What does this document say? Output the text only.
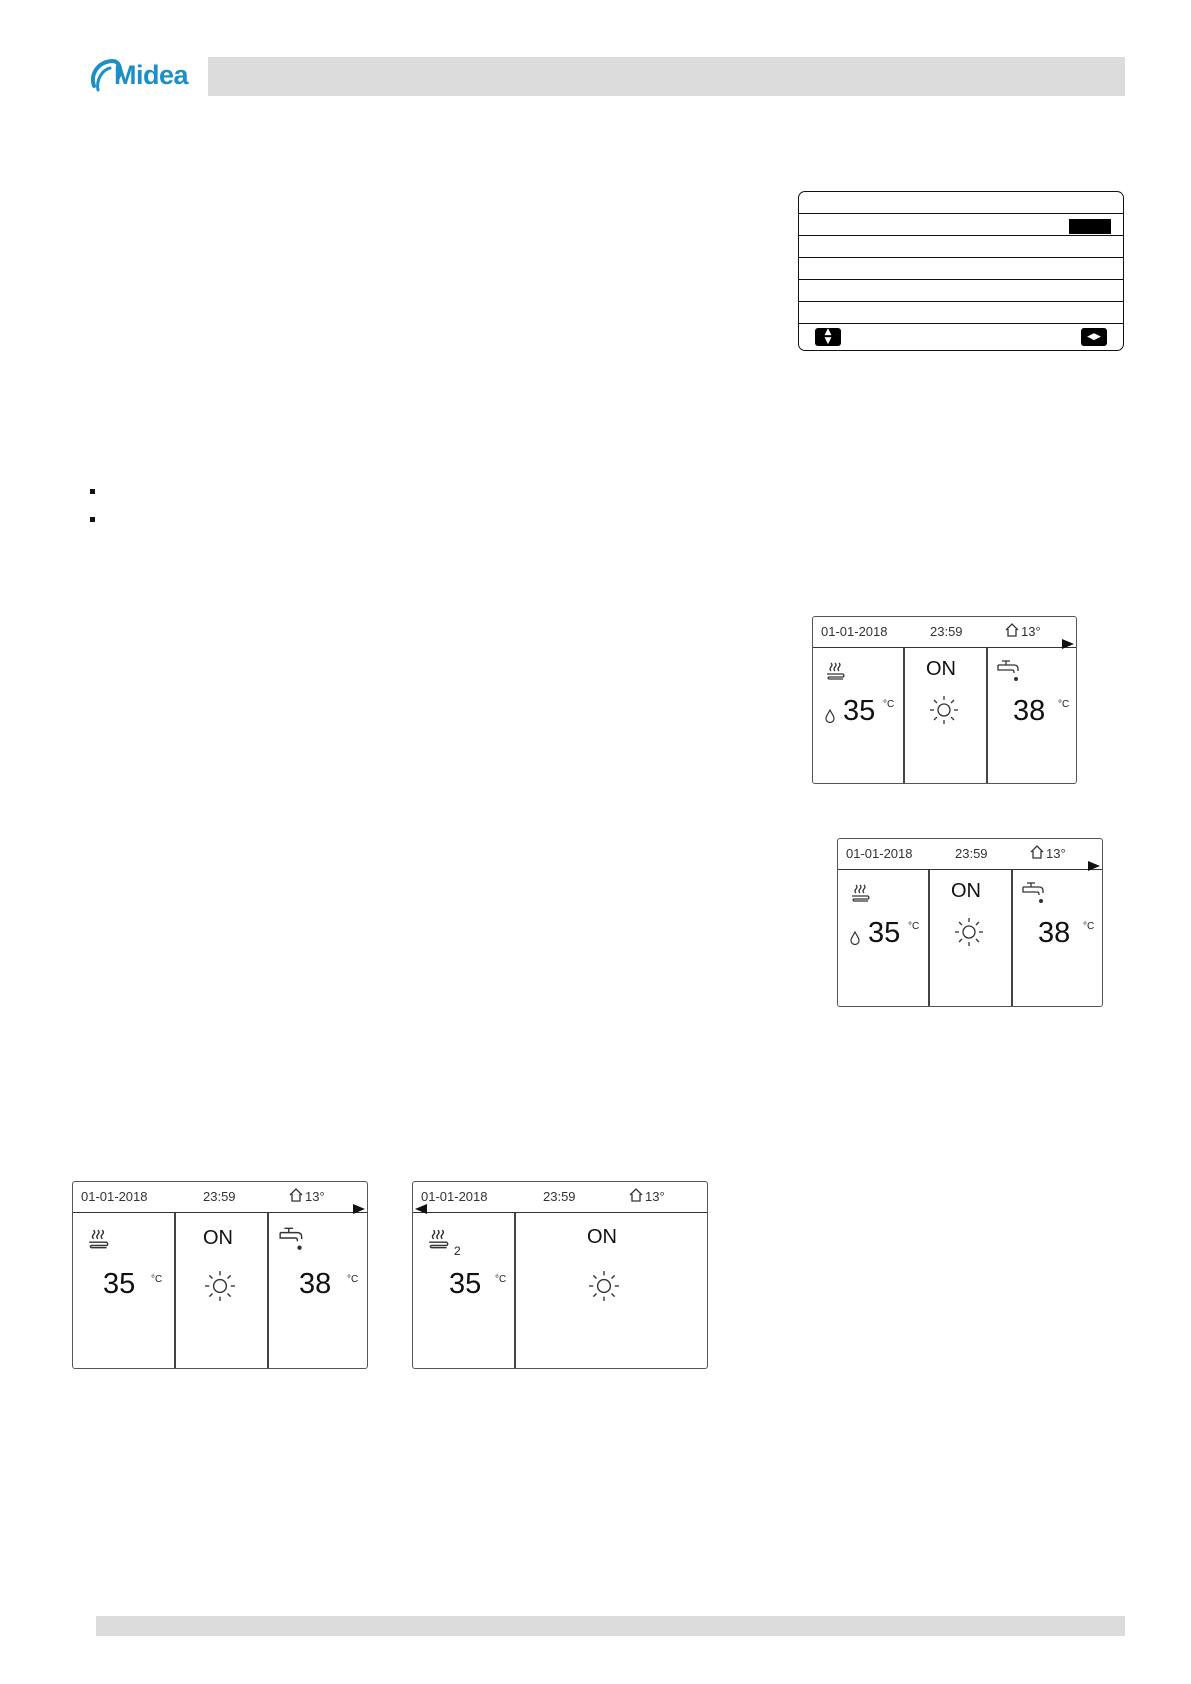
Midea
▲
▼	◀▶
01-01-2018	23:59	13°
35 °C
ON
38 °C
01-01-2018	23:59	13°
35 °C
ON
38 °C
01-01-2018	23:59	13°
35 °C
ON
38 °C
01-01-2018	23:59	13°
2
35 °C
ON
